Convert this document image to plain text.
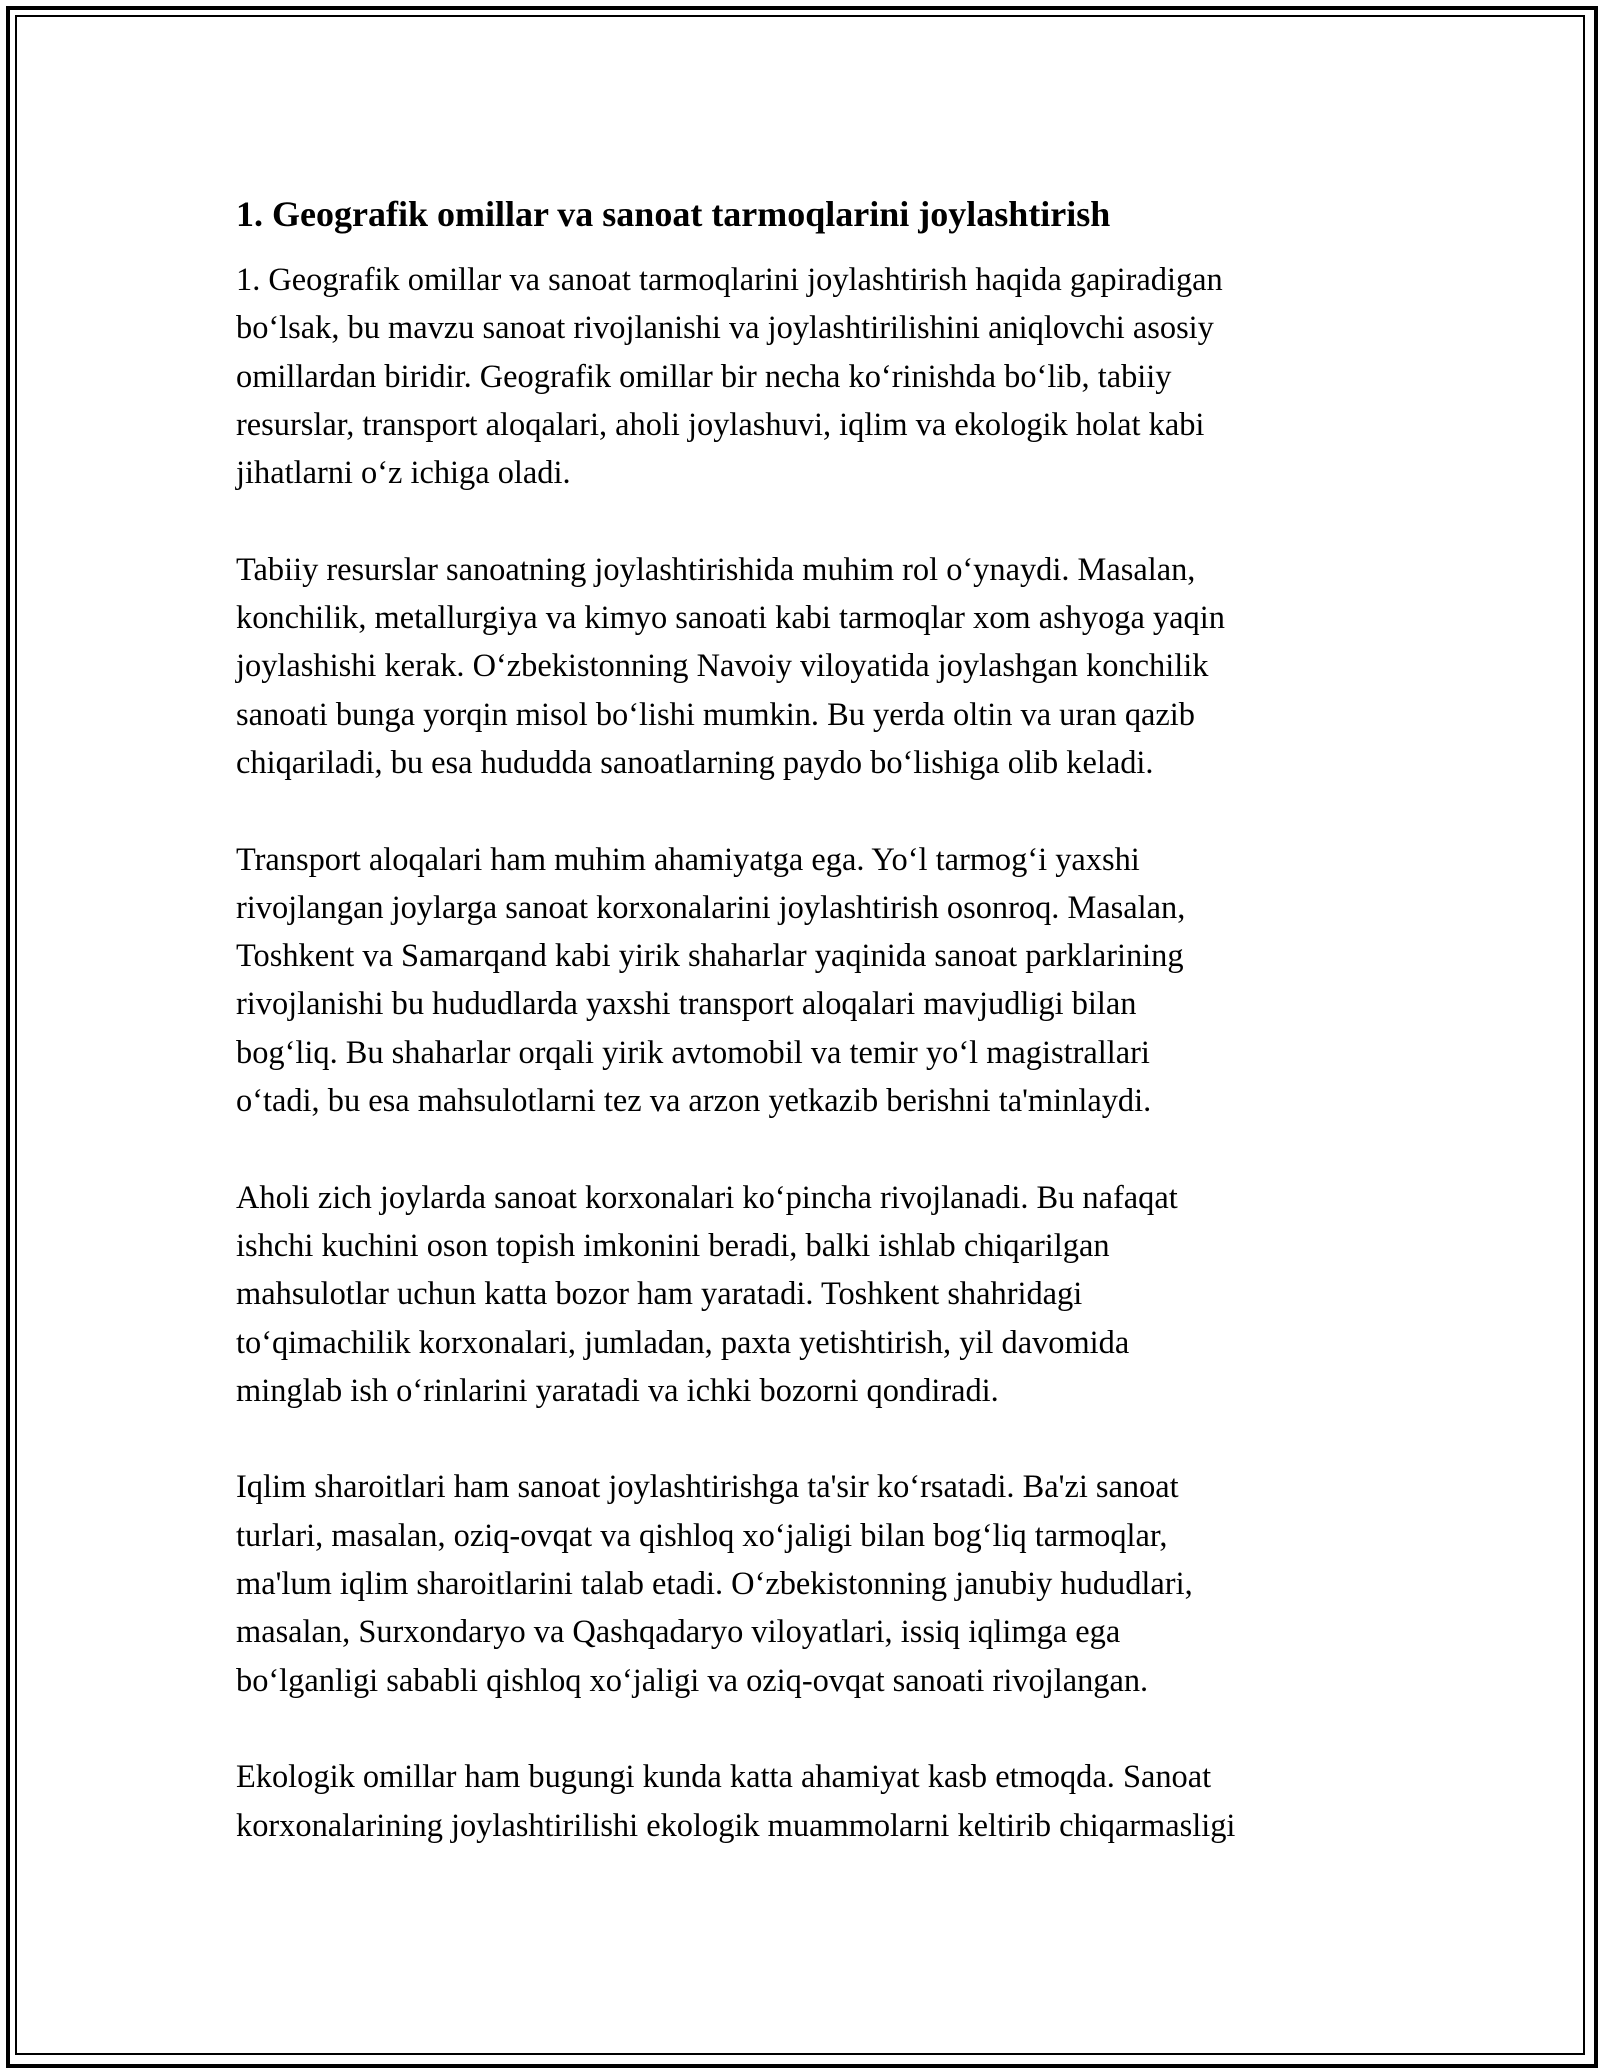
1. Geografik omillar va sanoat tarmoqlarini joylashtirish
1. Geografik omillar va sanoat tarmoqlarini joylashtirish haqida gapiradigan
bo‘lsak, bu mavzu sanoat rivojlanishi va joylashtirilishini aniqlovchi asosiy
omillardan biridir. Geografik omillar bir necha ko‘rinishda bo‘lib, tabiiy
resurslar, transport aloqalari, aholi joylashuvi, iqlim va ekologik holat kabi
jihatlarni o‘z ichiga oladi.
Tabiiy resurslar sanoatning joylashtirishida muhim rol o‘ynaydi. Masalan,
konchilik, metallurgiya va kimyo sanoati kabi tarmoqlar xom ashyoga yaqin
joylashishi kerak. O‘zbekistonning Navoiy viloyatida joylashgan konchilik
sanoati bunga yorqin misol bo‘lishi mumkin. Bu yerda oltin va uran qazib
chiqariladi, bu esa hududda sanoatlarning paydo bo‘lishiga olib keladi.
Transport aloqalari ham muhim ahamiyatga ega. Yo‘l tarmog‘i yaxshi
rivojlangan joylarga sanoat korxonalarini joylashtirish osonroq. Masalan,
Toshkent va Samarqand kabi yirik shaharlar yaqinida sanoat parklarining
rivojlanishi bu hududlarda yaxshi transport aloqalari mavjudligi bilan
bog‘liq. Bu shaharlar orqali yirik avtomobil va temir yo‘l magistrallari
o‘tadi, bu esa mahsulotlarni tez va arzon yetkazib berishni ta'minlaydi.
Aholi zich joylarda sanoat korxonalari ko‘pincha rivojlanadi. Bu nafaqat
ishchi kuchini oson topish imkonini beradi, balki ishlab chiqarilgan
mahsulotlar uchun katta bozor ham yaratadi. Toshkent shahridagi
to‘qimachilik korxonalari, jumladan, paxta yetishtirish, yil davomida
minglab ish o‘rinlarini yaratadi va ichki bozorni qondiradi.
Iqlim sharoitlari ham sanoat joylashtirishga ta'sir ko‘rsatadi. Ba'zi sanoat
turlari, masalan, oziq-ovqat va qishloq xo‘jaligi bilan bog‘liq tarmoqlar,
ma'lum iqlim sharoitlarini talab etadi. O‘zbekistonning janubiy hududlari,
masalan, Surxondaryo va Qashqadaryo viloyatlari, issiq iqlimga ega
bo‘lganligi sababli qishloq xo‘jaligi va oziq-ovqat sanoati rivojlangan.
Ekologik omillar ham bugungi kunda katta ahamiyat kasb etmoqda. Sanoat
korxonalarining joylashtirilishi ekologik muammolarni keltirib chiqarmasligi
